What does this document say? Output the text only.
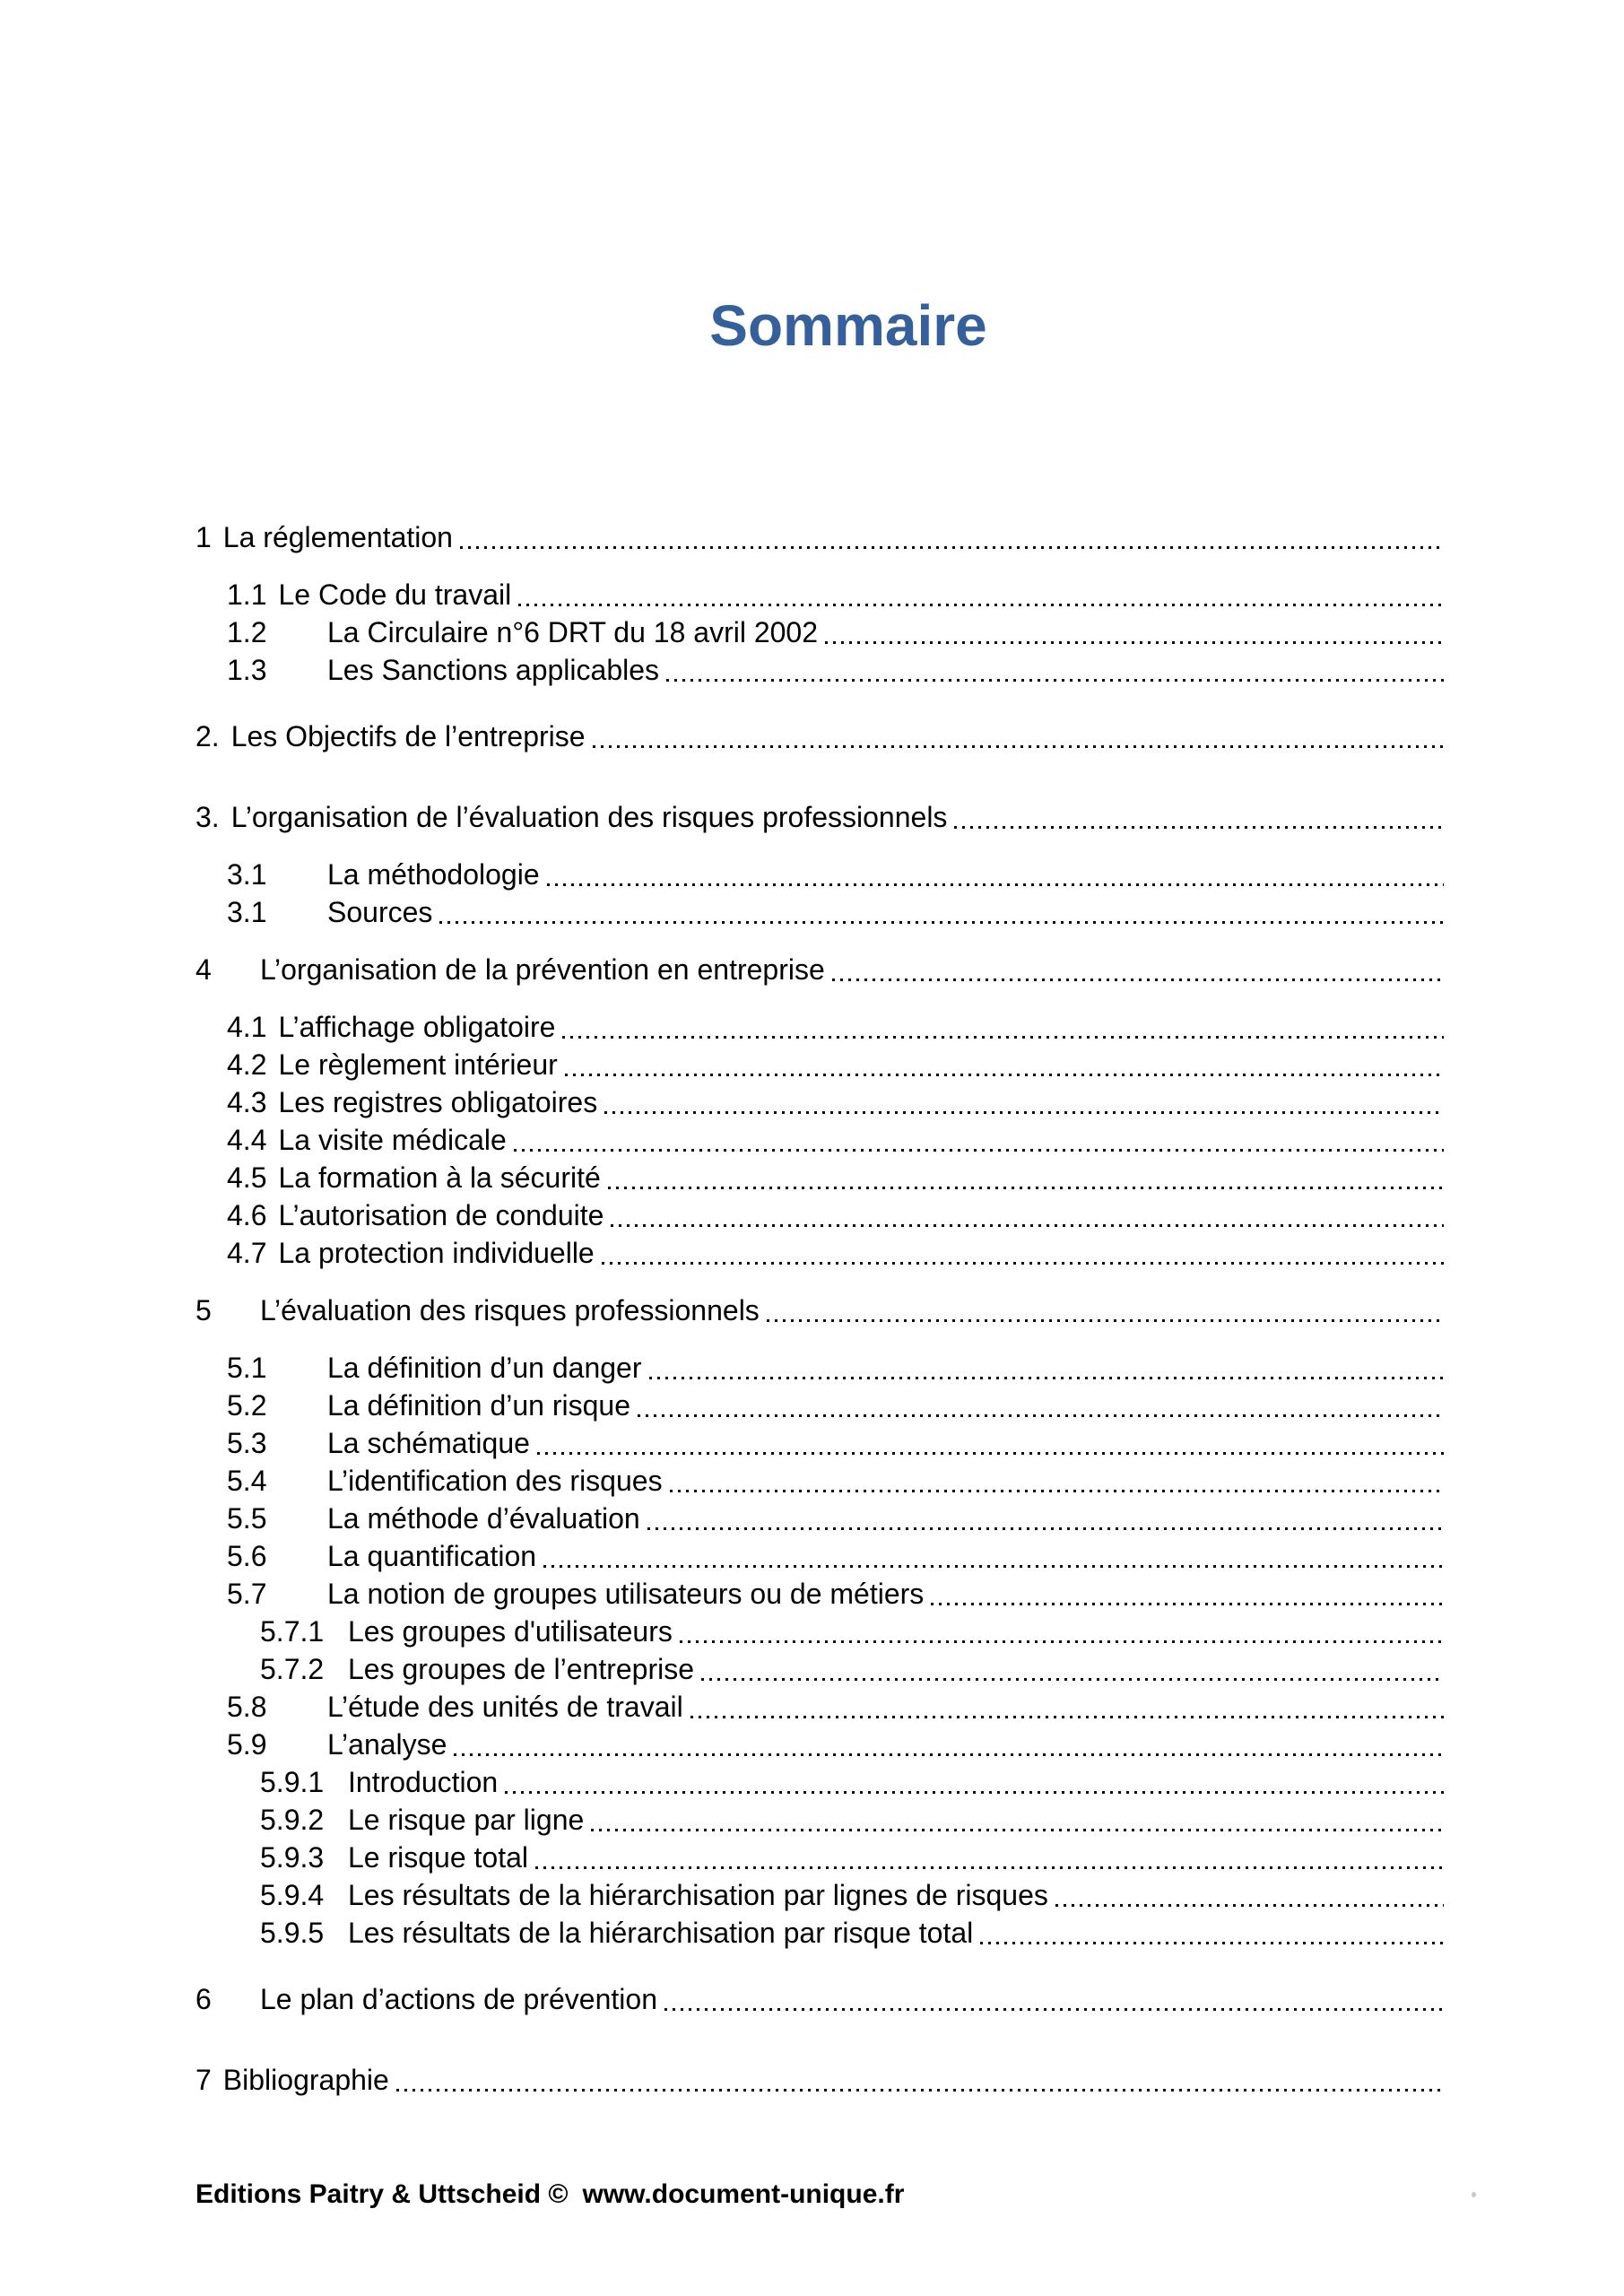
Sommaire
1 La réglementation
1.1 Le Code du travail
1.2	La Circulaire n°6 DRT du 18 avril 2002
1.3	Les Sanctions applicables
2. Les Objectifs de l’entreprise
3. L’organisation de l’évaluation des risques professionnels
3.1	La méthodologie
3.1	Sources
4	L’organisation de la prévention en entreprise
4.1 L’affichage obligatoire
4.2 Le règlement intérieur
4.3 Les registres obligatoires
4.4 La visite médicale
4.5 La formation à la sécurité
4.6 L’autorisation de conduite
4.7 La protection individuelle
5	L’évaluation des risques professionnels
5.1	La définition d’un danger
5.2	La définition d’un risque
5.3	La schématique
5.4	L’identification des risques
5.5	La méthode d’évaluation
5.6	La quantification
5.7	La notion de groupes utilisateurs ou de métiers
5.7.1 Les groupes d'utilisateurs
5.7.2 Les groupes de l’entreprise
5.8	L’étude des unités de travail
5.9	L’analyse
5.9.1 Introduction
5.9.2 Le risque par ligne
5.9.3 Le risque total
5.9.4 Les résultats de la hiérarchisation par lignes de risques
5.9.5 Les résultats de la hiérarchisation par risque total
6	Le plan d’actions de prévention
7 Bibliographie
Editions Paitry & Uttscheid © www.document-unique.fr
